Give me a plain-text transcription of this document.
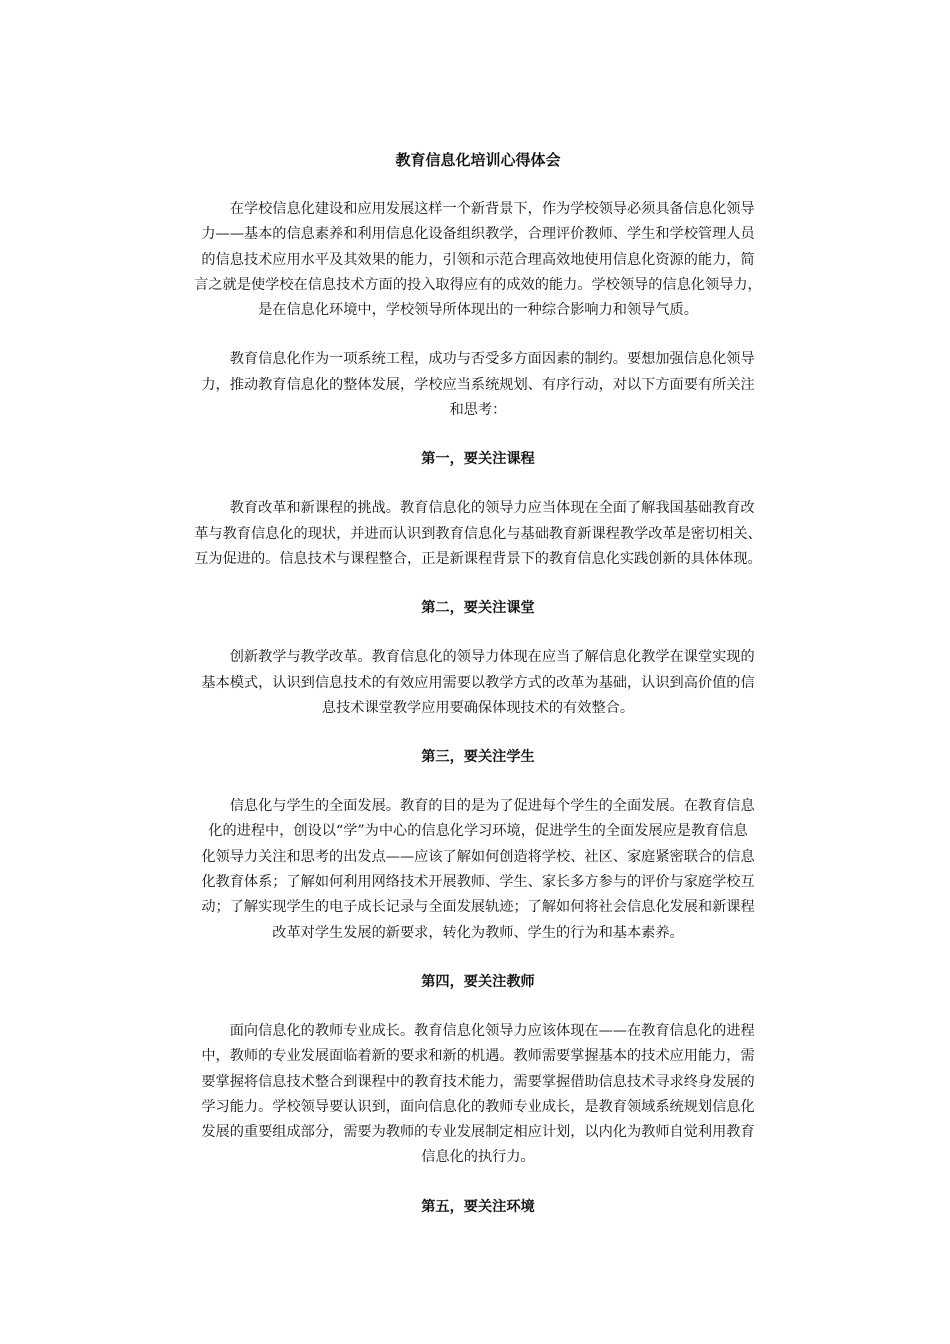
教育信息化培训心得体会

　　在学校信息化建设和应用发展这样一个新背景下，作为学校领导必须具备信息化领导
力——基本的信息素养和利用信息化设备组织教学，合理评价教师、学生和学校管理人员
的信息技术应用水平及其效果的能力，引领和示范合理高效地使用信息化资源的能力，简
言之就是使学校在信息技术方面的投入取得应有的成效的能力。学校领导的信息化领导力，
是在信息化环境中，学校领导所体现出的一种综合影响力和领导气质。

　　教育信息化作为一项系统工程，成功与否受多方面因素的制约。要想加强信息化领导
力，推动教育信息化的整体发展，学校应当系统规划、有序行动，对以下方面要有所关注
和思考：

第一，要关注课程

　　教育改革和新课程的挑战。教育信息化的领导力应当体现在全面了解我国基础教育改
革与教育信息化的现状，并进而认识到教育信息化与基础教育新课程教学改革是密切相关、
互为促进的。信息技术与课程整合，正是新课程背景下的教育信息化实践创新的具体体现。

第二，要关注课堂

　　创新教学与教学改革。教育信息化的领导力体现在应当了解信息化教学在课堂实现的
基本模式，认识到信息技术的有效应用需要以教学方式的改革为基础，认识到高价值的信
息技术课堂教学应用要确保体现技术的有效整合。

第三，要关注学生

　　信息化与学生的全面发展。教育的目的是为了促进每个学生的全面发展。在教育信息
化的进程中，创设以“学”为中心的信息化学习环境，促进学生的全面发展应是教育信息
化领导力关注和思考的出发点——应该了解如何创造将学校、社区、家庭紧密联合的信息
化教育体系；了解如何利用网络技术开展教师、学生、家长多方参与的评价与家庭学校互
动；了解实现学生的电子成长记录与全面发展轨迹；了解如何将社会信息化发展和新课程
改革对学生发展的新要求，转化为教师、学生的行为和基本素养。

第四，要关注教师

　　面向信息化的教师专业成长。教育信息化领导力应该体现在——在教育信息化的进程
中，教师的专业发展面临着新的要求和新的机遇。教师需要掌握基本的技术应用能力，需
要掌握将信息技术整合到课程中的教育技术能力，需要掌握借助信息技术寻求终身发展的
学习能力。学校领导要认识到，面向信息化的教师专业成长，是教育领域系统规划信息化
发展的重要组成部分，需要为教师的专业发展制定相应计划，以内化为教师自觉利用教育
信息化的执行力。

第五，要关注环境
